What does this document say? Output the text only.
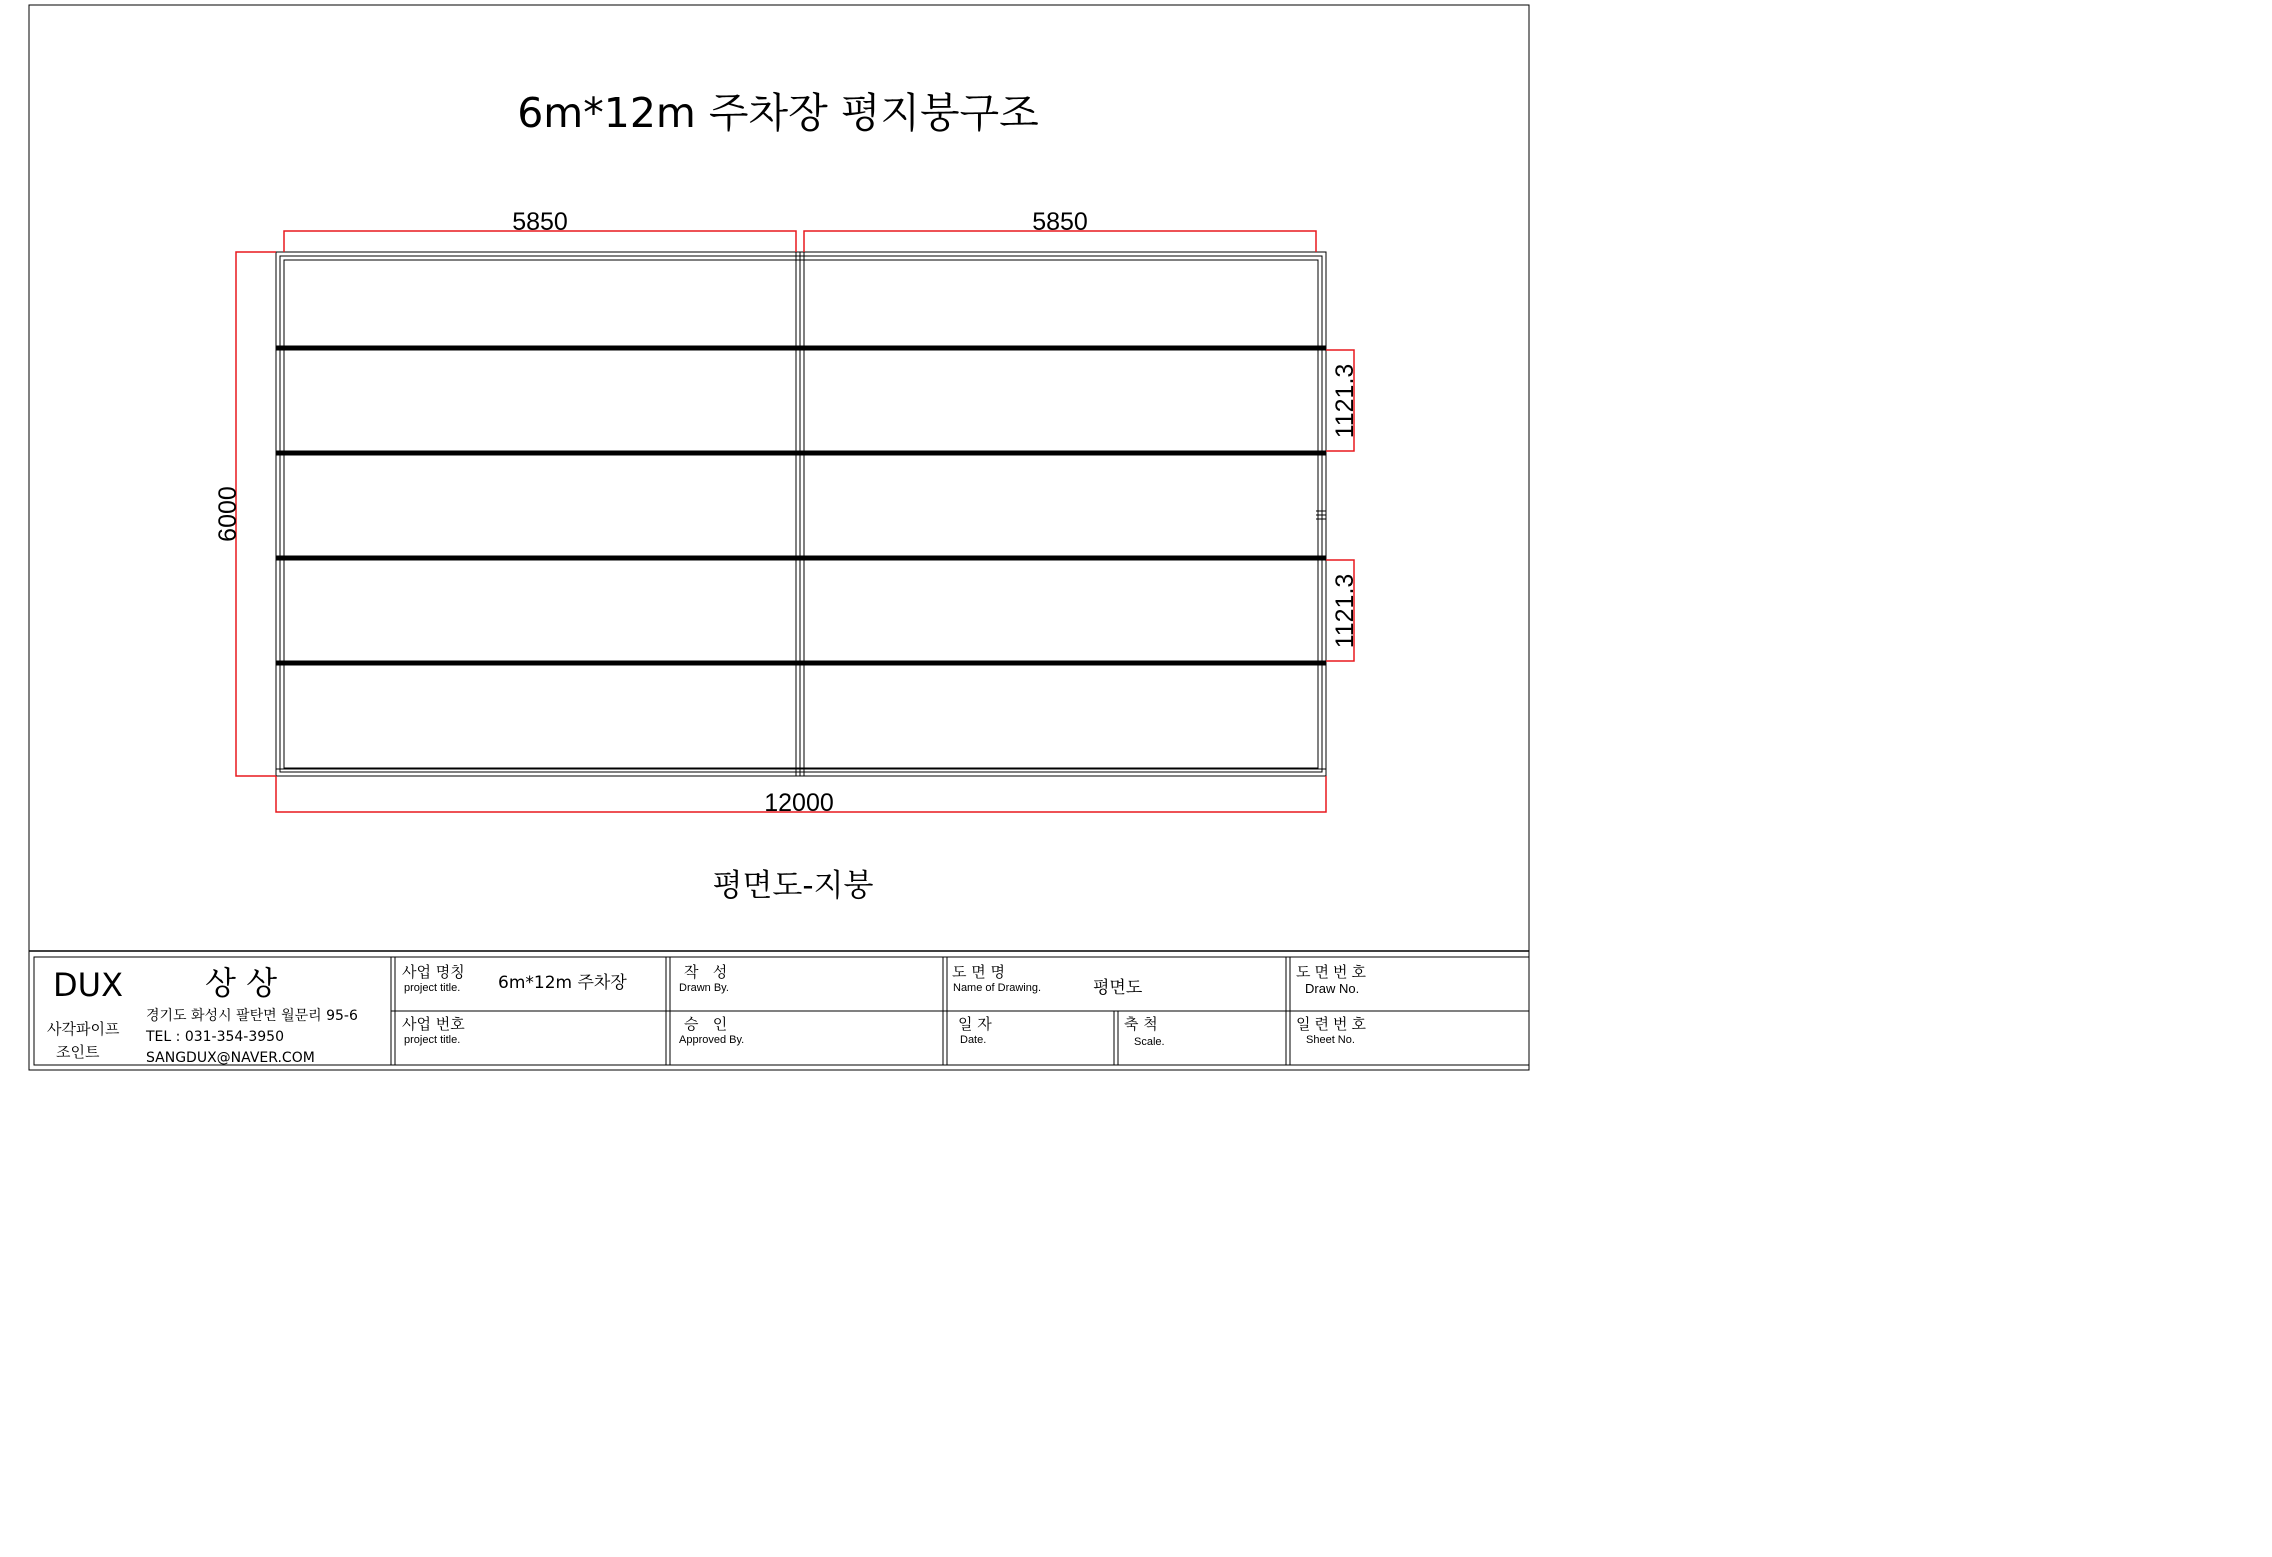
6m*12m 주차장 평지붕구조
5850	5850
6000
12000
1121.3
1121.3
평면도-지붕
DUX	상 상
사각파이프
조인트
경기도 화성시 팔탄면 월문리 95-6
TEL : 031-354-3950
SANGDUX@NAVER.COM
사업 명칭
project title. 6m*12m 주차장
사업 번호
project title.
작   성
Drawn By.
승   인
Approved By.
도 면 명
Name of Drawing.	평면도
일 자
Date.
축 척
Scale.
도면번호
Draw No.
일련번호
Sheet No.
